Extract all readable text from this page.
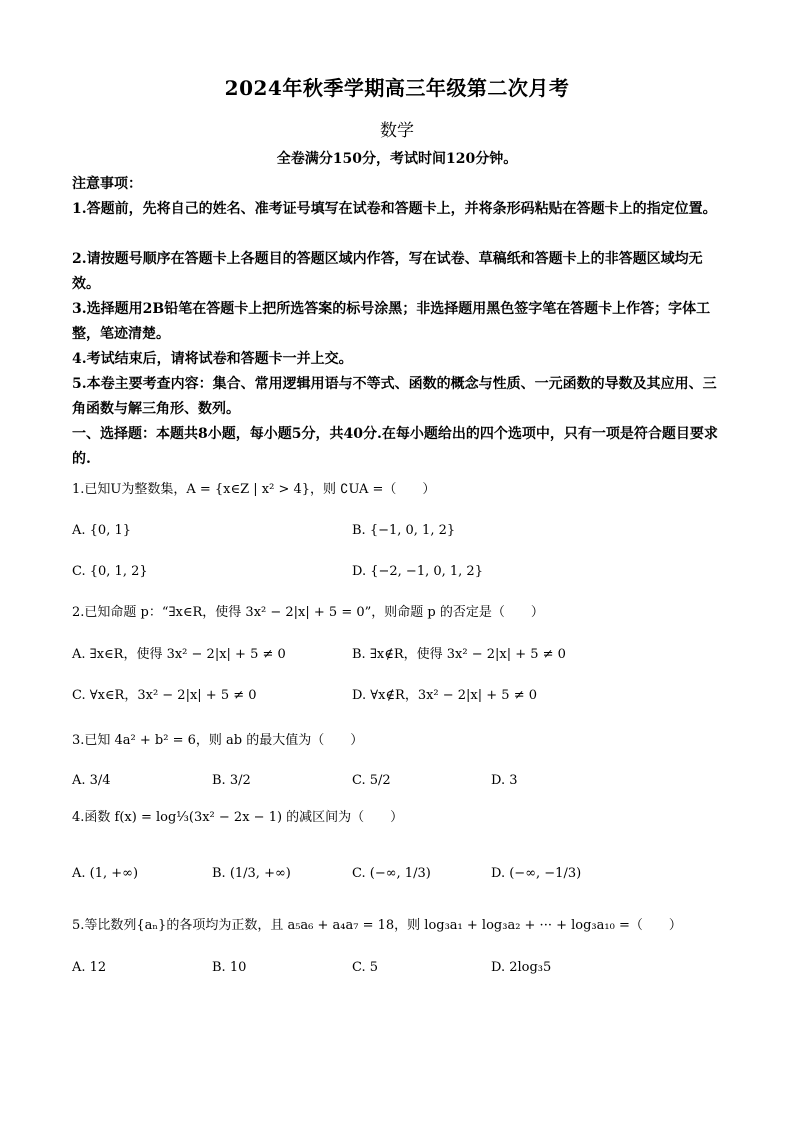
2024年秋季学期高三年级第二次月考
数学
全卷满分150分，考试时间120分钟。
注意事项：
1.答题前，先将自己的姓名、准考证号填写在试卷和答题卡上，并将条形码粘贴在答题卡上的指定位置。
2.请按题号顺序在答题卡上各题目的答题区域内作答，写在试卷、草稿纸和答题卡上的非答题区域均无效。
3.选择题用2B铅笔在答题卡上把所选答案的标号涂黑；非选择题用黑色签字笔在答题卡上作答；字体工整，笔迹清楚。
4.考试结束后，请将试卷和答题卡一并上交。
5.本卷主要考查内容：集合、常用逻辑用语与不等式、函数的概念与性质、一元函数的导数及其应用、三角函数与解三角形、数列。
一、选择题：本题共8小题，每小题5分，共40分.在每小题给出的四个选项中，只有一项是符合题目要求的.
1.已知U为整数集，A = {x∈Z | x² > 4}，则 ∁UA =（　　）
A. {0, 1}	B. {−1, 0, 1, 2}
C. {0, 1, 2}	D. {−2, −1, 0, 1, 2}
2.已知命题 p：“∃x∈R，使得 3x² − 2|x| + 5 = 0”，则命题 p 的否定是（　　）
A. ∃x∈R，使得 3x² − 2|x| + 5 ≠ 0	B. ∃x∉R，使得 3x² − 2|x| + 5 ≠ 0
C. ∀x∈R，3x² − 2|x| + 5 ≠ 0	D. ∀x∉R，3x² − 2|x| + 5 ≠ 0
3.已知 4a² + b² = 6，则 ab 的最大值为（　　）
A. 3/4	B. 3/2	C. 5/2	D. 3
4.函数 f(x) = log⅓(3x² − 2x − 1) 的减区间为（　　）
A. (1, +∞)	B. (1/3, +∞)	C. (−∞, 1/3)	D. (−∞, −1/3)
5.等比数列{aₙ}的各项均为正数，且 a₅a₆ + a₄a₇ = 18，则 log₃a₁ + log₃a₂ + ··· + log₃a₁₀ =（　　）
A. 12	B. 10	C. 5	D. 2log₃5
